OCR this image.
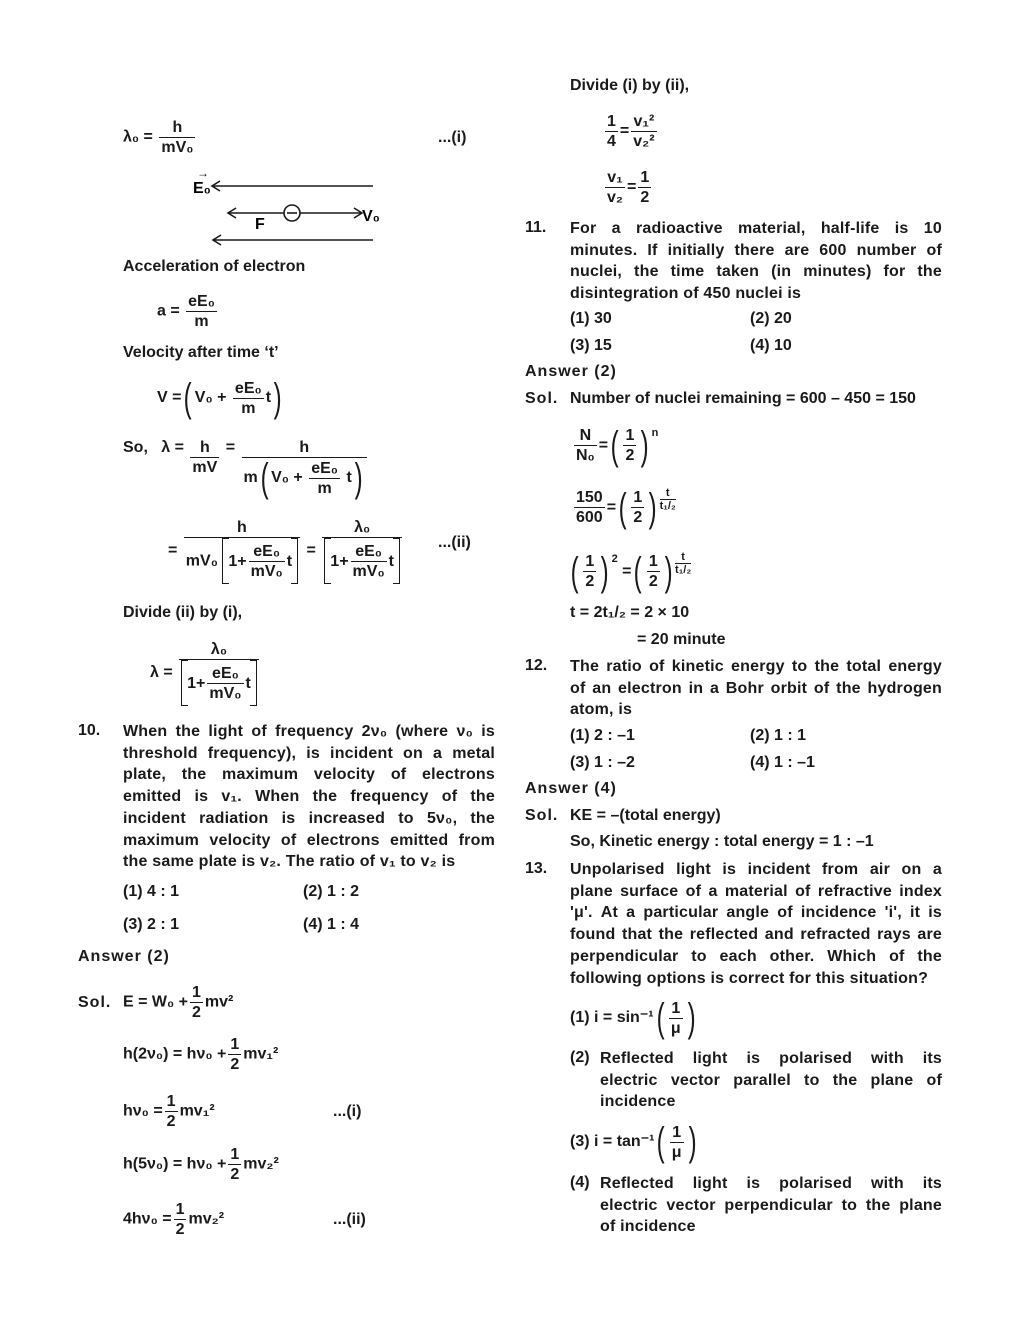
$\lambda_0 = \frac{h}{\text{mV₀}}$	...(i)
E₀
→
F	V₀
Acceleration of electron
$a = \frac{\text{eE₀}}{m}$
Velocity after time ‘t’
V =( $V_0 + \frac{\text{eE₀}}{m} t$)
So, $\lambda = \frac{h}{mV} = \frac{h}{m( V_0 + \frac{\text{eE₀}}{m} t)}$
= $\frac{h}{mV_0 1+ \frac{\text{eE₀}}{\text{mV₀}} t} = \frac{\text{λ₀}}{1+ \frac{\text{eE₀}}{\text{mV₀}} t} ...(ii)$
Divide (ii) by (i),
$\lambda = \frac{\text{λ₀}}{1+ \frac{\text{eE₀}}{\text{mV₀}} t}$
10. When the light of frequency 2ν₀ (where ν₀ is
threshold frequency), is incident on a metal
plate, the maximum velocity of electrons
emitted is v₁. When the frequency of the
incident radiation is increased to 5ν₀, the
maximum velocity of electrons emitted from
the same plate is v₂. The ratio of v₁ to v₂ is
(1) 4 : 1	(2) 1 : 2
(3) 2 : 1	(4) 1 : 4
Answer (2)
Sol. $E = W_0 + \frac{1}{2} mv^2$
$h(2\nu_0) = h\nu_0 + \frac{1}{2} mv_1^2$
$h\nu_0 = \frac{1}{2} mv_1^2$	...(i)
$h(5\nu_0) = h\nu_0 + \frac{1}{2} mv_2^2$
$4h\nu_0 = \frac{1}{2} mv_2^2$	...(ii)
Divide (i) by (ii),
$\frac{1}{4} = \frac{\text{v₁²}}{\text{v₂²}}$
$\frac{\text{v₁}}{\text{v₂}} = \frac{1}{2}$
11. For a radioactive material, half-life is 10
minutes. If initially there are 600 number of
nuclei, the time taken (in minutes) for the
disintegration of 450 nuclei is
(1) 30	(2) 20
(3) 15	(4) 10
Answer (2)
Sol. Number of nuclei remaining = 600 – 450 = 150
$\frac{N}{\text{N₀}}$ =( $\frac{1}{2}$ ) $^n$
$\frac{150}{600}$ =( $\frac{1}{2}$ ) $\frac{t}{\text{t₁/₂}}$
( $\frac{1}{2}$ ) $^2$ =( $\frac{1}{2}$ ) $\frac{t}{\text{t₁/₂}}$
t = 2t₁/₂ = 2 × 10
= 20 minute
12. The ratio of kinetic energy to the total energy
of an electron in a Bohr orbit of the hydrogen
atom, is
(1) 2 : –1	(2) 1 : 1
(3) 1 : –2	(4) 1 : –1
Answer (4)
Sol. KE = –(total energy)
So, Kinetic energy : total energy = 1 : –1
13. Unpolarised light is incident from air on a
plane surface of a material of refractive index
'μ'. At a particular angle of incidence 'i', it is
found that the reflected and refracted rays are
perpendicular to each other. Which of the
following options is correct for this situation?
(1) $i = \sin^{-1}( \frac{1}{\mu}$ )
(2) Reflected light is polarised with its
electric vector parallel to the plane of
incidence
(3) $i = \tan^{-1}( \frac{1}{\mu}$ )
(4) Reflected light is polarised with its
electric vector perpendicular to the plane
of incidence
